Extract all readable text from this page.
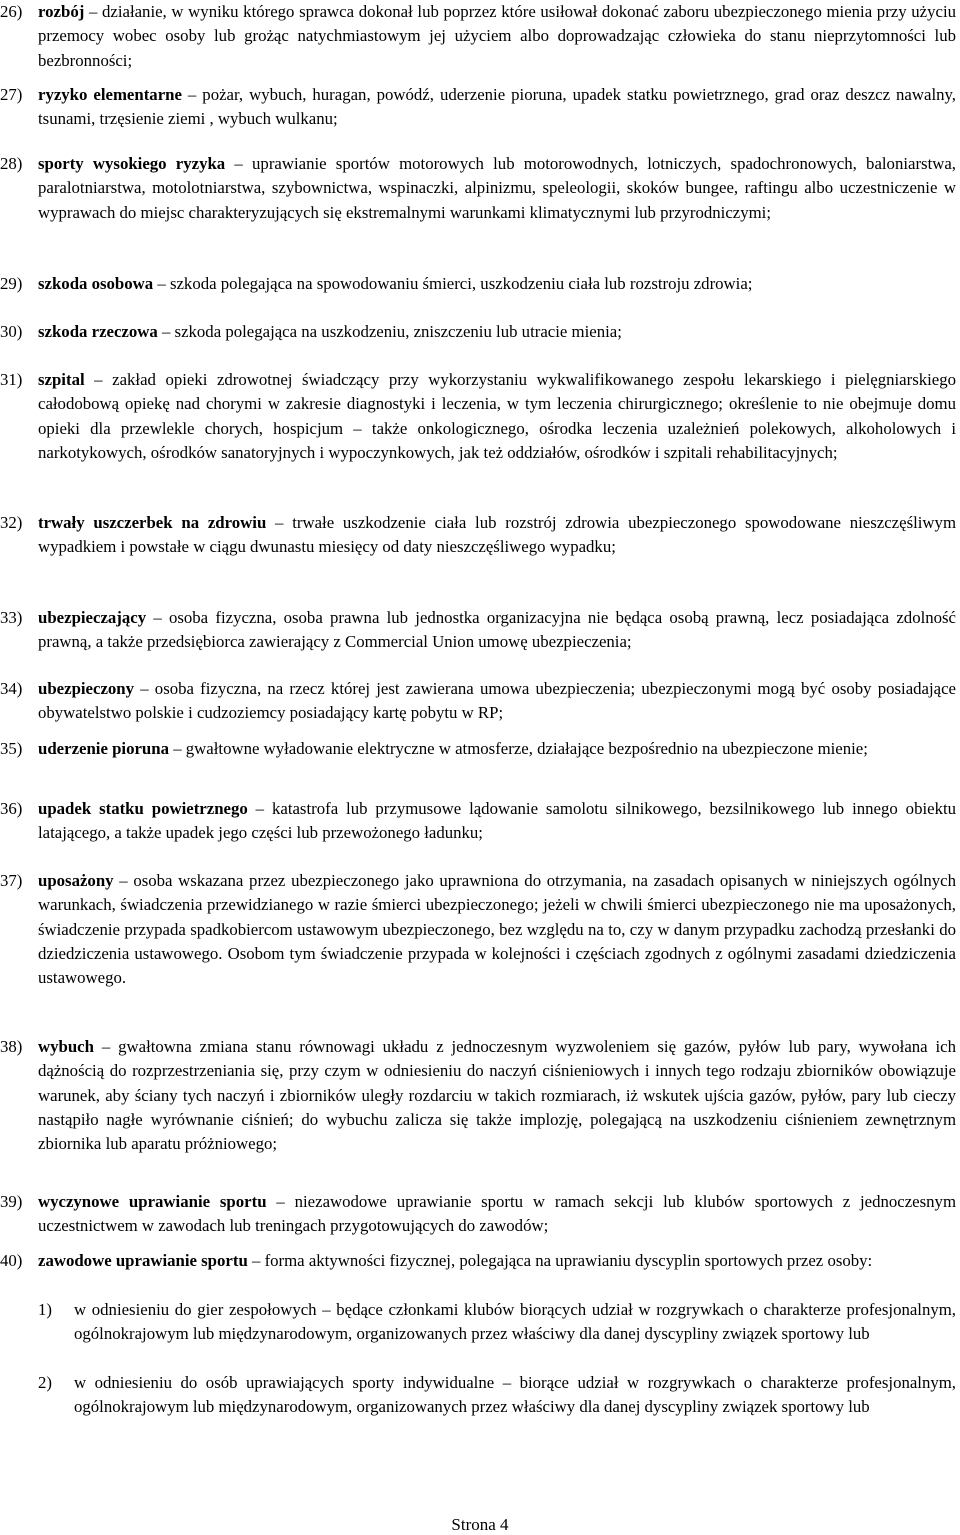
26) rozbój – działanie, w wyniku którego sprawca dokonał lub poprzez które usiłował dokonać zaboru ubezpieczonego mienia przy użyciu przemocy wobec osoby lub grożąc natychmiastowym jej użyciem albo doprowadzając człowieka do stanu nieprzytomności lub bezbronności;
27) ryzyko elementarne – pożar, wybuch, huragan, powódź, uderzenie pioruna, upadek statku powietrznego, grad oraz deszcz nawalny, tsunami, trzęsienie ziemi , wybuch wulkanu;
28) sporty wysokiego ryzyka – uprawianie sportów motorowych lub motorowodnych, lotniczych, spadochronowych, baloniarstwa, paralotniarstwa, motolotniarstwa, szybownictwa, wspinaczki, alpinizmu, speleologii, skoków bungee, raftingu albo uczestniczenie w wyprawach do miejsc charakteryzujących się ekstremalnymi warunkami klimatycznymi lub przyrodniczymi;
29) szkoda osobowa – szkoda polegająca na spowodowaniu śmierci, uszkodzeniu ciała lub rozstroju zdrowia;
30) szkoda rzeczowa – szkoda polegająca na uszkodzeniu, zniszczeniu lub utracie mienia;
31) szpital – zakład opieki zdrowotnej świadczący przy wykorzystaniu wykwalifikowanego zespołu lekarskiego i pielęgniarskiego całodobową opiekę nad chorymi w zakresie diagnostyki i leczenia, w tym leczenia chirurgicznego; określenie to nie obejmuje domu opieki dla przewlekle chorych, hospicjum – także onkologicznego, ośrodka leczenia uzależnień polekowych, alkoholowych i narkotykowych, ośrodków sanatoryjnych i wypoczynkowych, jak też oddziałów, ośrodków i szpitali rehabilitacyjnych;
32) trwały uszczerbek na zdrowiu – trwałe uszkodzenie ciała lub rozstrój zdrowia ubezpieczonego spowodowane nieszczęśliwym wypadkiem i powstałe w ciągu dwunastu miesięcy od daty nieszczęśliwego wypadku;
33) ubezpieczający – osoba fizyczna, osoba prawna lub jednostka organizacyjna nie będąca osobą prawną, lecz posiadająca zdolność prawną, a także przedsiębiorca zawierający z Commercial Union umowę ubezpieczenia;
34) ubezpieczony – osoba fizyczna, na rzecz której jest zawierana umowa ubezpieczenia; ubezpieczonymi mogą być osoby posiadające obywatelstwo polskie i cudzoziemcy posiadający kartę pobytu w RP;
35) uderzenie pioruna – gwałtowne wyładowanie elektryczne w atmosferze, działające bezpośrednio na ubezpieczone mienie;
36) upadek statku powietrznego – katastrofa lub przymusowe lądowanie samolotu silnikowego, bezsilnikowego lub innego obiektu latającego, a także upadek jego części lub przewożonego ładunku;
37) uposażony – osoba wskazana przez ubezpieczonego jako uprawniona do otrzymania, na zasadach opisanych w niniejszych ogólnych warunkach, świadczenia przewidzianego w razie śmierci ubezpieczonego; jeżeli w chwili śmierci ubezpieczonego nie ma uposażonych, świadczenie przypada spadkobiercom ustawowym ubezpieczonego, bez względu na to, czy w danym przypadku zachodzą przesłanki do dziedziczenia ustawowego. Osobom tym świadczenie przypada w kolejności i częściach zgodnych z ogólnymi zasadami dziedziczenia ustawowego.
38) wybuch – gwałtowna zmiana stanu równowagi układu z jednoczesnym wyzwoleniem się gazów, pyłów lub pary, wywołana ich dążnością do rozprzestrzeniania się, przy czym w odniesieniu do naczyń ciśnieniowych i innych tego rodzaju zbiorników obowiązuje warunek, aby ściany tych naczyń i zbiorników uległy rozdarciu w takich rozmiarach, iż wskutek ujścia gazów, pyłów, pary lub cieczy nastąpiło nagłe wyrównanie ciśnień; do wybuchu zalicza się także implozję, polegającą na uszkodzeniu ciśnieniem zewnętrznym zbiornika lub aparatu próżniowego;
39) wyczynowe uprawianie sportu – niezawodowe uprawianie sportu w ramach sekcji lub klubów sportowych z jednoczesnym uczestnictwem w zawodach lub treningach przygotowujących do zawodów;
40) zawodowe uprawianie sportu – forma aktywności fizycznej, polegająca na uprawianiu dyscyplin sportowych przez osoby:
1)	w odniesieniu do gier zespołowych – będące członkami klubów biorących udział w rozgrywkach o charakterze profesjonalnym, ogólnokrajowym lub międzynarodowym, organizowanych przez właściwy dla danej dyscypliny związek sportowy lub
2)	w odniesieniu do osób uprawiających sporty indywidualne – biorące udział w rozgrywkach o charakterze profesjonalnym, ogólnokrajowym lub międzynarodowym, organizowanych przez właściwy dla danej dyscypliny związek sportowy lub
Strona 4
